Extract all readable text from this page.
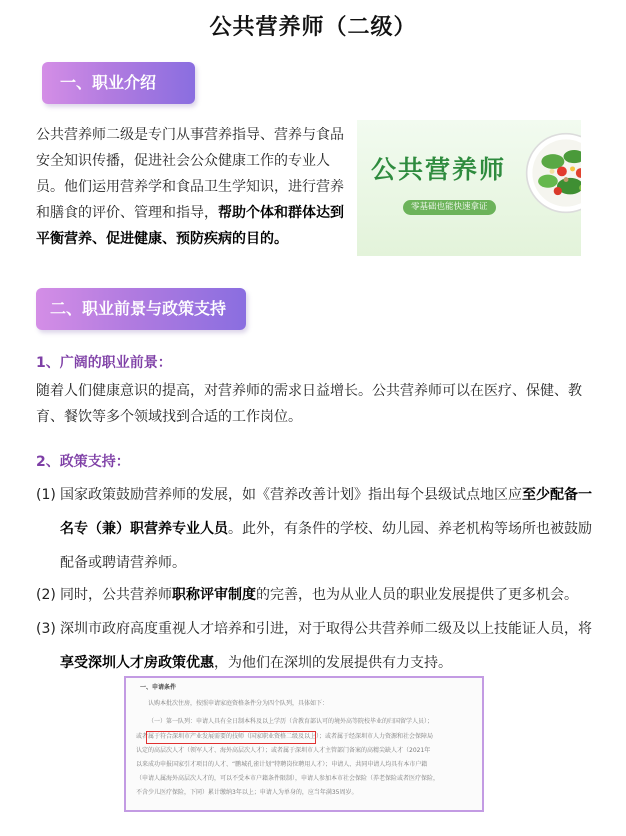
公共营养师（二级）
一、职业介绍
公共营养师二级是专门从事营养指导、营养与食品安全知识传播，促进社会公众健康工作的专业人员。他们运用营养学和食品卫生学知识，进行营养和膳食的评价、管理和指导，帮助个体和群体达到平衡营养、促进健康、预防疾病的目的。
公共营养师
零基础也能快速拿证
二、职业前景与政策支持
1、广阔的职业前景：
随着人们健康意识的提高，对营养师的需求日益增长。公共营养师可以在医疗、保健、教育、餐饮等多个领域找到合适的工作岗位。
2、政策支持：
(1) 国家政策鼓励营养师的发展，如《营养改善计划》指出每个县级试点地区应至少配备一名专（兼）职营养专业人员。此外，有条件的学校、幼儿园、养老机构等场所也被鼓励配备或聘请营养师。
(2) 同时，公共营养师职称评审制度的完善，也为从业人员的职业发展提供了更多机会。
(3) 深圳市政府高度重视人才培养和引进，对于取得公共营养师二级及以上技能证人员，将享受深圳人才房政策优惠，为他们在深圳的发展提供有力支持。
一、申请条件
认购本批次住房，按照申请家庭资格条件分为四个队列，具体如下：
（一）第一队列：申请人具有全日制本科及以上学历（含教育部认可的境外高等院校毕业的归国留学人员）；
或者属于符合深圳市产业发展需要的技师（国家职业资格二级及以上）；或者属于经深圳市人力资源和社会保障局
认定的高层次人才（领军人才、海外高层次人才）；或者属于深圳市人才主管部门备案的高精尖缺人才（2021年
以来成功申报国家引才项目的人才、“鹏城孔雀计划”特聘岗位聘用人才）；申请人、共同申请人均具有本市户籍
（申请人属海外高层次人才的，可以不受本市户籍条件限制），申请人参加本市社会保险（养老保险或者医疗保险，
不含少儿医疗保险，下同）累计缴纳3年以上；申请人为单身的，应当年满35周岁。
